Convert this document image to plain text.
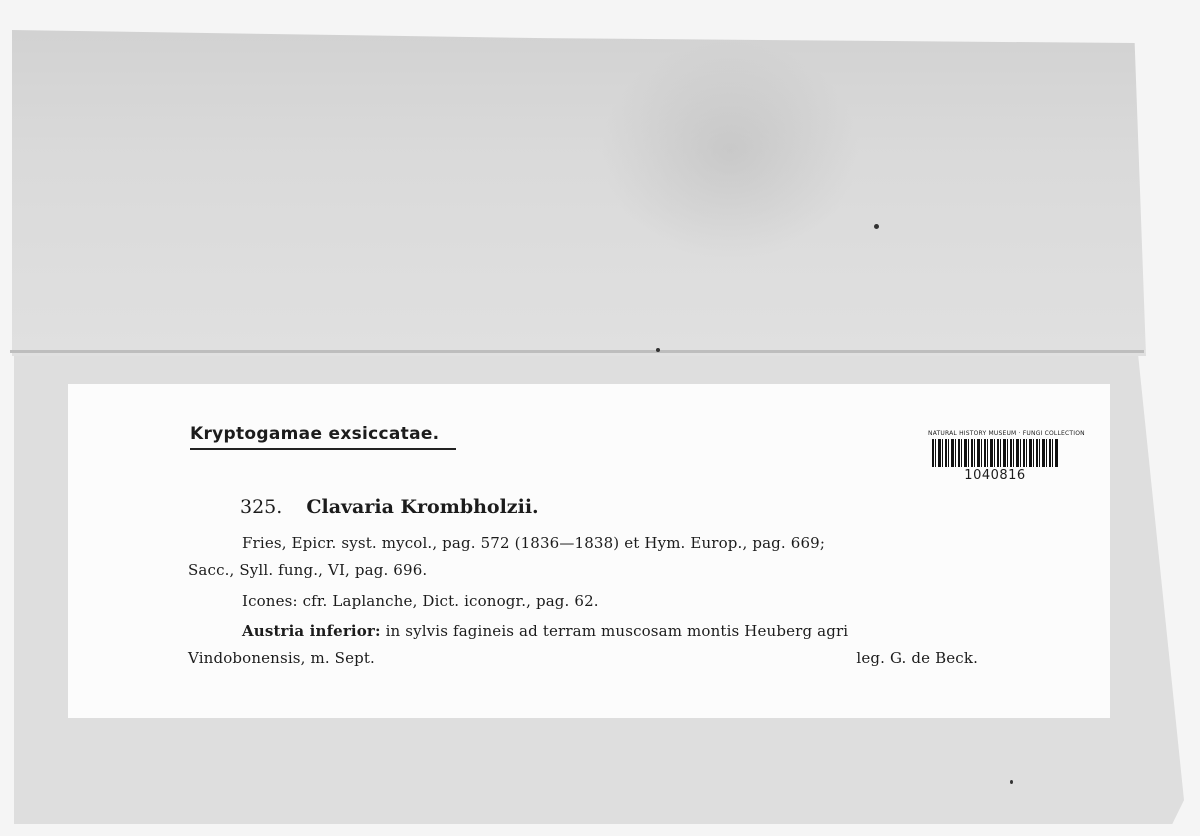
Kryptogamae exsiccatae.	NATURAL HISTORY MUSEUM · FUNGI COLLECTION
1040816
325. Clavaria Krombholzii.
Fries, Epicr. syst. mycol., pag. 572 (1836—1838) et Hym. Europ., pag. 669;
Sacc., Syll. fung., VI, pag. 696.
Icones: cfr. Laplanche, Dict. iconogr., pag. 62.
Austria inferior: in sylvis fagineis ad terram muscosam montis Heuberg agri
Vindobonensis, m. Sept.	leg. G. de Beck.
